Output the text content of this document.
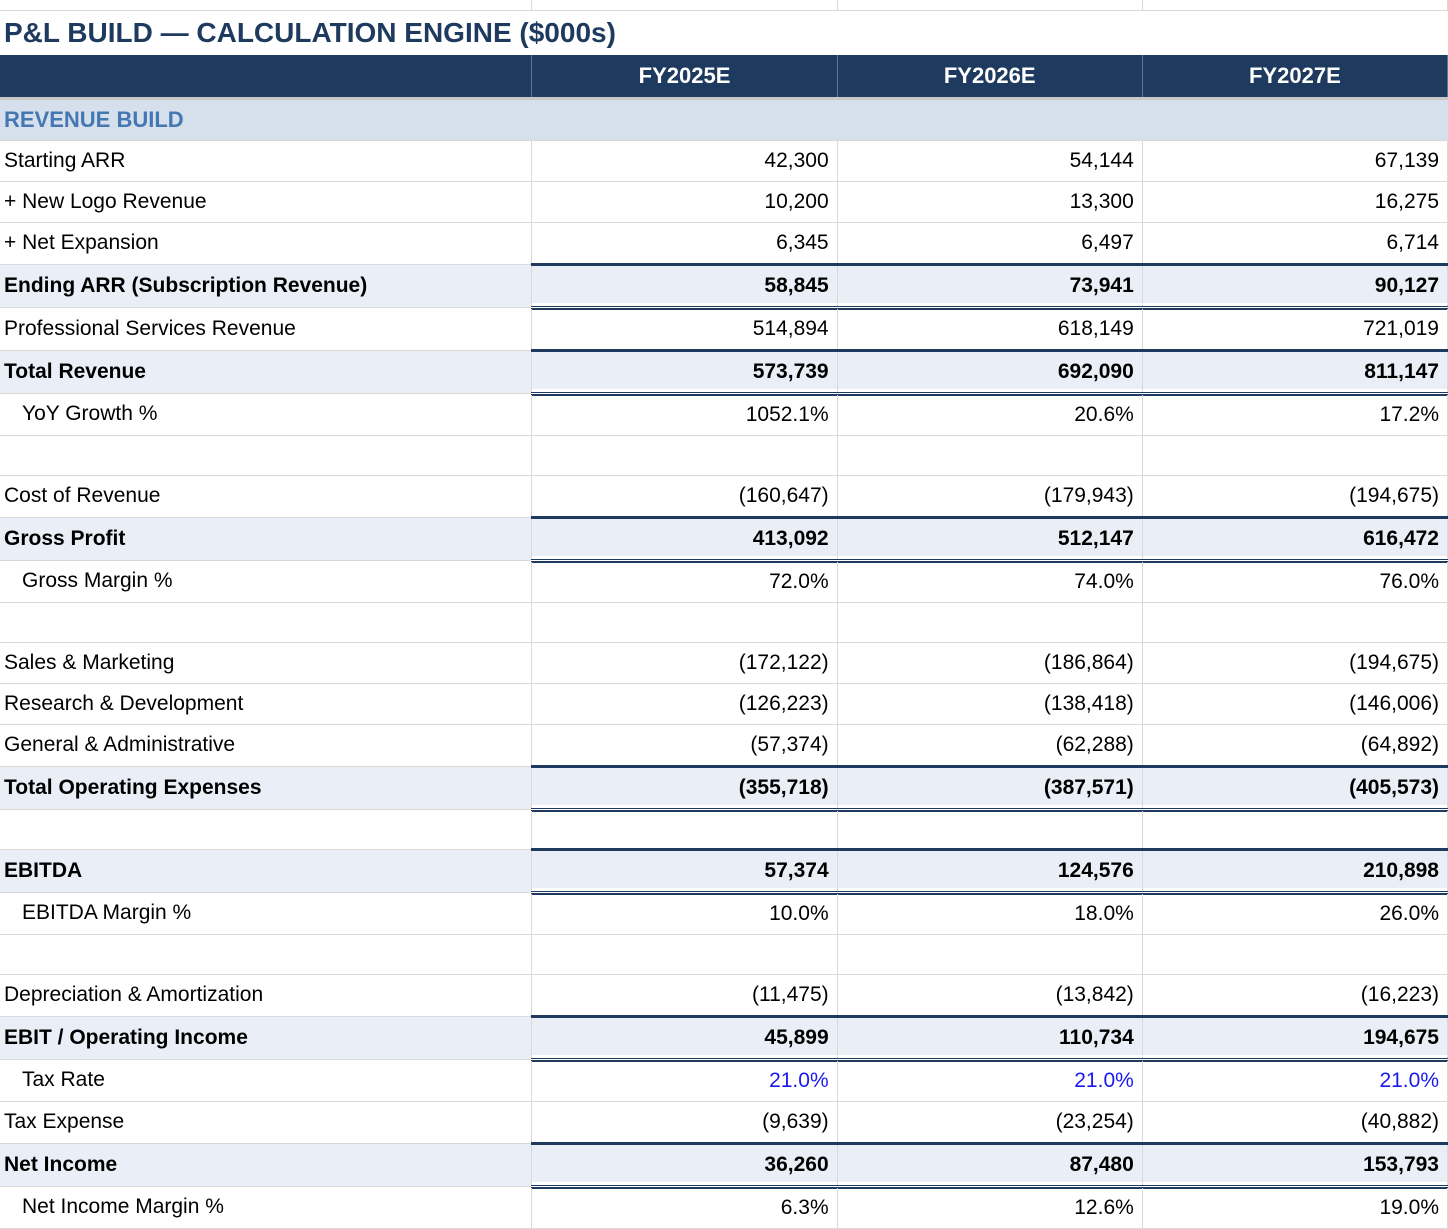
P&L BUILD — CALCULATION ENGINE ($000s)			
	FY2025E	FY2026E	FY2027E
REVENUE BUILD			
Starting ARR	42,300	54,144	67,139
+ New Logo Revenue	10,200	13,300	16,275
+ Net Expansion	6,345	6,497	6,714
Ending ARR (Subscription Revenue)	58,845	73,941	90,127
Professional Services Revenue	514,894	618,149	721,019
Total Revenue	573,739	692,090	811,147
YoY Growth %	1052.1%	20.6%	17.2%

Cost of Revenue	(160,647)	(179,943)	(194,675)
Gross Profit	413,092	512,147	616,472
Gross Margin %	72.0%	74.0%	76.0%

Sales & Marketing	(172,122)	(186,864)	(194,675)
Research & Development	(126,223)	(138,418)	(146,006)
General & Administrative	(57,374)	(62,288)	(64,892)
Total Operating Expenses	(355,718)	(387,571)	(405,573)

EBITDA	57,374	124,576	210,898
EBITDA Margin %	10.0%	18.0%	26.0%

Depreciation & Amortization	(11,475)	(13,842)	(16,223)
EBIT / Operating Income	45,899	110,734	194,675
Tax Rate	21.0%	21.0%	21.0%
Tax Expense	(9,639)	(23,254)	(40,882)
Net Income	36,260	87,480	153,793
Net Income Margin %	6.3%	12.6%	19.0%
